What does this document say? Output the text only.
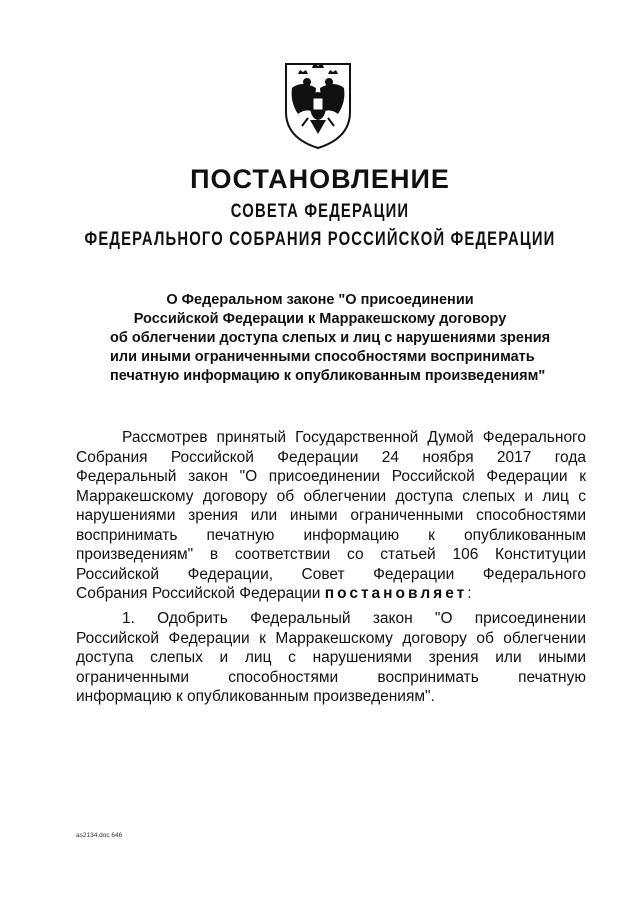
ПОСТАНОВЛЕНИЕ
СОВЕТА ФЕДЕРАЦИИ
ФЕДЕРАЛЬНОГО СОБРАНИЯ РОССИЙСКОЙ ФЕДЕРАЦИИ
О Федеральном законе "О присоединении
Российской Федерации к Марракешскому договору
об облегчении доступа слепых и лиц с нарушениями зрения
или иными ограниченными способностями воспринимать
печатную информацию к опубликованным произведениям"
Рассмотрев принятый Государственной Думой Федерального
Собрания Российской Федерации 24 ноября 2017 года
Федеральный закон "О присоединении Российской Федерации к
Марракешскому договору об облегчении доступа слепых и лиц с
нарушениями зрения или иными ограниченными способностями
воспринимать печатную информацию к опубликованным
произведениям" в соответствии со статьей 106 Конституции
Российской Федерации, Совет Федерации Федерального
Собрания Российской Федерации постановляет:
1. Одобрить Федеральный закон "О присоединении
Российской Федерации к Марракешскому договору об облегчении
доступа слепых и лиц с нарушениями зрения или иными
ограниченными способностями воспринимать печатную
информацию к опубликованным произведениям".
as2134.doc 646
